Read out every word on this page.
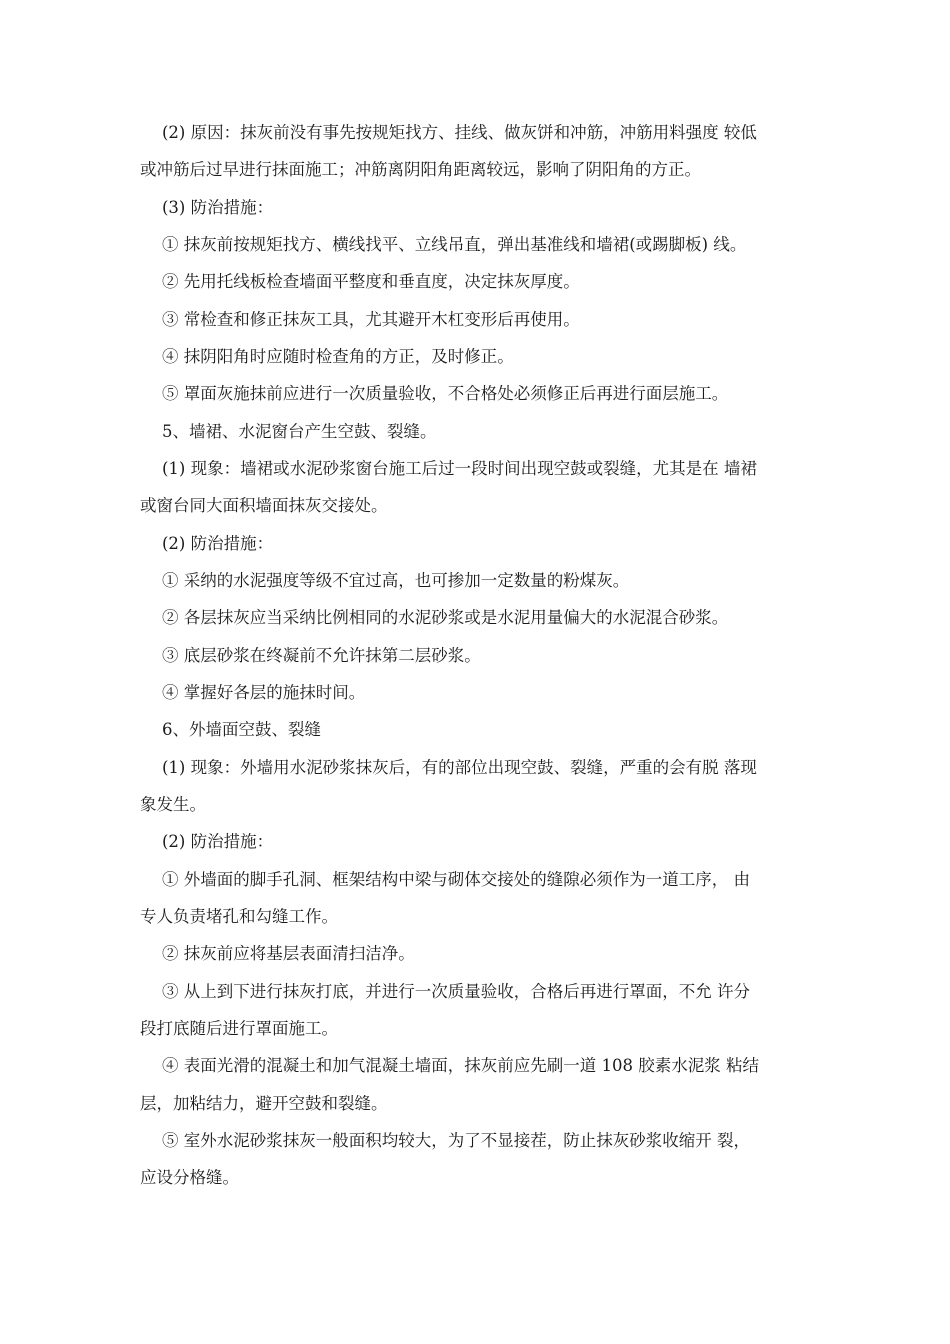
(2) 原因：抹灰前没有事先按规矩找方、挂线、做灰饼和冲筋，冲筋用料强度 较低
或冲筋后过早进行抹面施工；冲筋离阴阳角距离较远，影响了阴阳角的方正。
(3) 防治措施：
① 抹灰前按规矩找方、横线找平、立线吊直，弹出基准线和墙裙(或踢脚板) 线。
② 先用托线板检查墙面平整度和垂直度，决定抹灰厚度。
③ 常检查和修正抹灰工具，尤其避开木杠变形后再使用。
④ 抹阴阳角时应随时检查角的方正，及时修正。
⑤ 罩面灰施抹前应进行一次质量验收，不合格处必须修正后再进行面层施工。
5、墙裙、水泥窗台产生空鼓、裂缝。
(1) 现象：墙裙或水泥砂浆窗台施工后过一段时间出现空鼓或裂缝，尤其是在 墙裙
或窗台同大面积墙面抹灰交接处。
(2) 防治措施：
① 采纳的水泥强度等级不宜过高，也可掺加一定数量的粉煤灰。
② 各层抹灰应当采纳比例相同的水泥砂浆或是水泥用量偏大的水泥混合砂浆。
③ 底层砂浆在终凝前不允许抹第二层砂浆。
④ 掌握好各层的施抹时间。
6、外墙面空鼓、裂缝
(1) 现象：外墙用水泥砂浆抹灰后，有的部位出现空鼓、裂缝，严重的会有脱 落现
象发生。
(2) 防治措施：
① 外墙面的脚手孔洞、框架结构中梁与砌体交接处的缝隙必须作为一道工序， 由
专人负责堵孔和勾缝工作。
② 抹灰前应将基层表面清扫洁净。
③ 从上到下进行抹灰打底，并进行一次质量验收，合格后再进行罩面，不允 许分
段打底随后进行罩面施工。
④ 表面光滑的混凝土和加气混凝土墙面，抹灰前应先刷一道 108 胶素水泥浆 粘结
层，加粘结力，避开空鼓和裂缝。
⑤ 室外水泥砂浆抹灰一般面积均较大，为了不显接茬，防止抹灰砂浆收缩开 裂，
应设分格缝。
